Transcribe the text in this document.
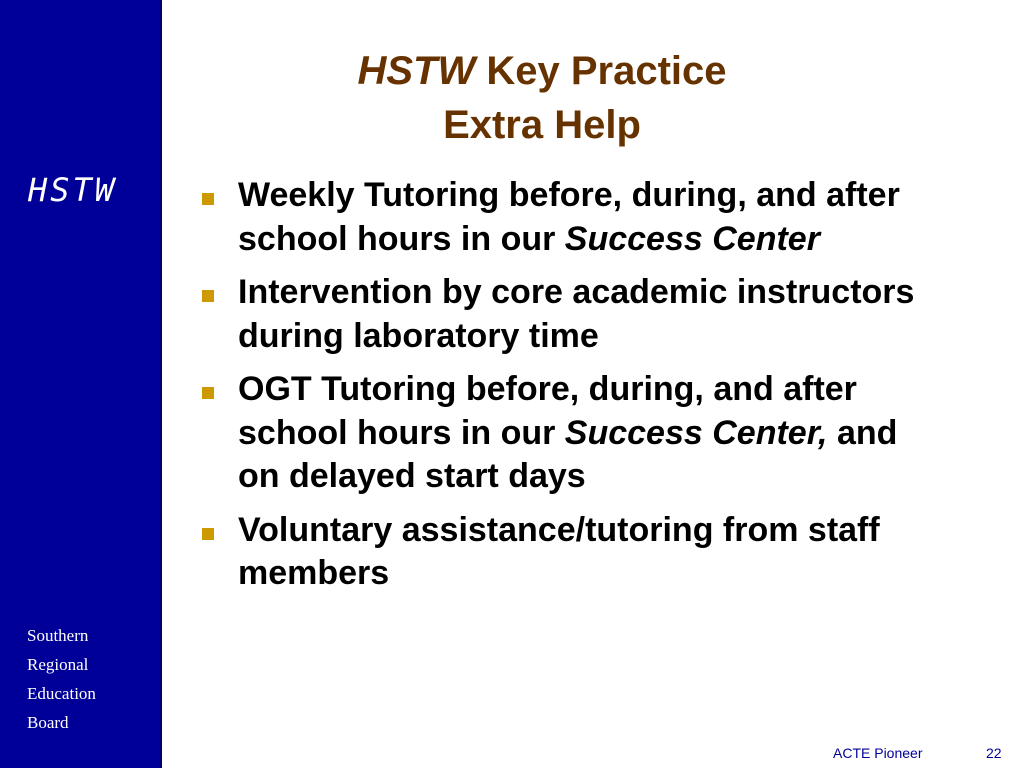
HSTW
Southern
Regional
Education
Board
HSTW Key Practice
Extra Help
Weekly Tutoring before, during, and after school hours in our Success Center
Intervention by core academic instructors during laboratory time
OGT Tutoring before, during, and after school hours in our Success Center, and on delayed start days
Voluntary assistance/tutoring from staff members
ACTE Pioneer	22
